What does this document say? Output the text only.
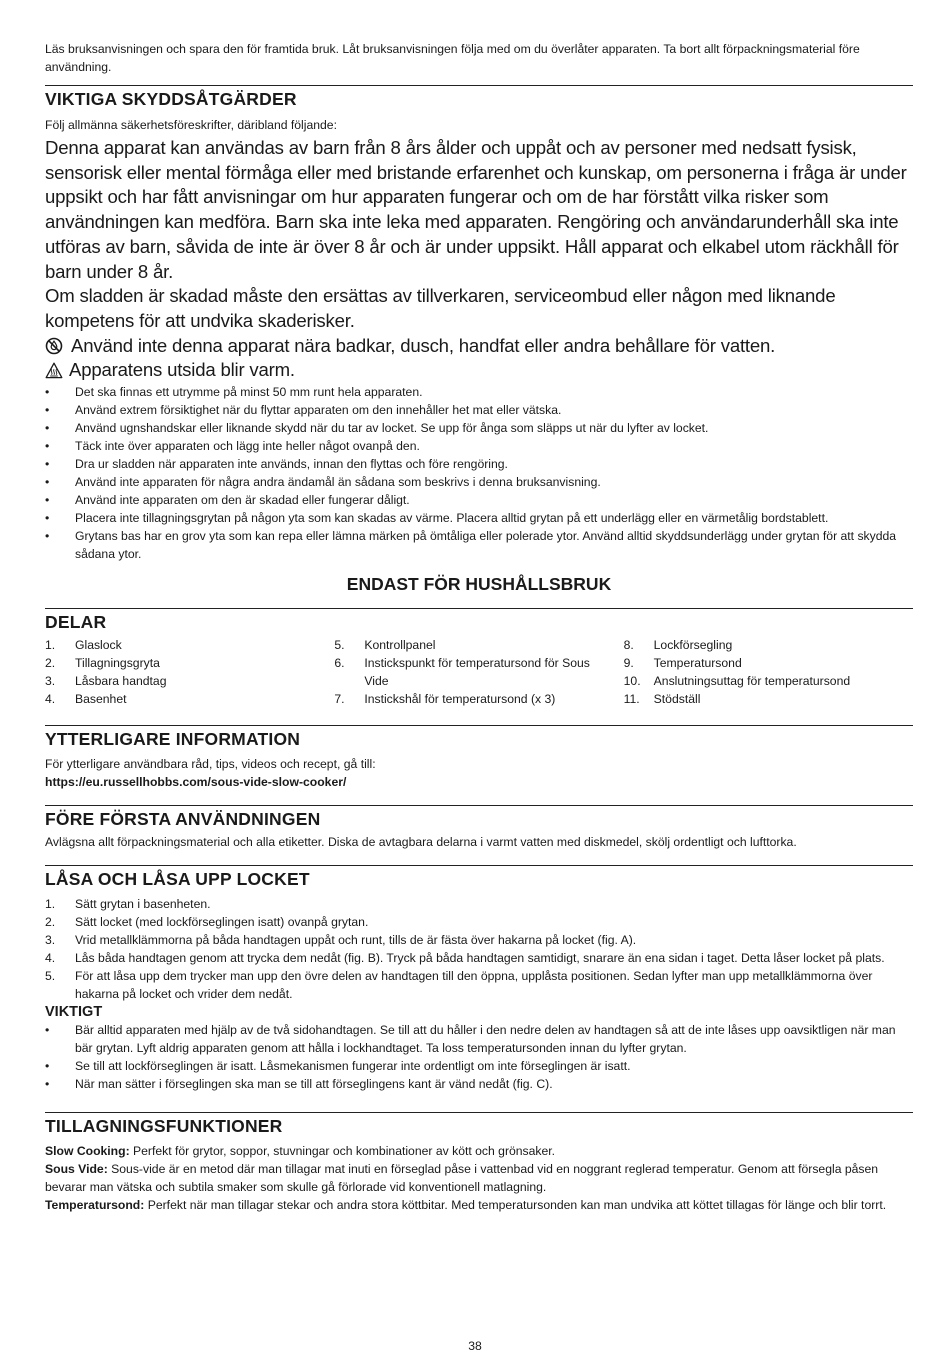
Läs bruksanvisningen och spara den för framtida bruk. Låt bruksanvisningen följa med om du överlåter apparaten. Ta bort allt förpackningsmaterial före användning.

VIKTIGA SKYDDSÅTGÄRDER

Följ allmänna säkerhetsföreskrifter, däribland följande:

Denna apparat kan användas av barn från 8 års ålder och uppåt och av personer med nedsatt fysisk, sensorisk eller mental förmåga eller med bristande erfarenhet och kunskap, om personerna i fråga är under uppsikt och har fått anvisningar om hur apparaten fungerar och om de har förstått vilka risker som användningen kan medföra. Barn ska inte leka med apparaten. Rengöring och användarunderhåll ska inte utföras av barn, såvida de inte är över 8 år och är under uppsikt. Håll apparat och elkabel utom räckhåll för barn under 8 år.

Om sladden är skadad måste den ersättas av tillverkaren, serviceombud eller någon med liknande kompetens för att undvika skaderisker.

Använd inte denna apparat nära badkar, dusch, handfat eller andra behållare för vatten.
Apparatens utsida blir varm.
• Det ska finnas ett utrymme på minst 50 mm runt hela apparaten.
• Använd extrem försiktighet när du flyttar apparaten om den innehåller het mat eller vätska.
• Använd ugnshandskar eller liknande skydd när du tar av locket. Se upp för ånga som släpps ut när du lyfter av locket.
• Täck inte över apparaten och lägg inte heller något ovanpå den.
• Dra ur sladden när apparaten inte används, innan den flyttas och före rengöring.
• Använd inte apparaten för några andra ändamål än sådana som beskrivs i denna bruksanvisning.
• Använd inte apparaten om den är skadad eller fungerar dåligt.
• Placera inte tillagningsgrytan på någon yta som kan skadas av värme. Placera alltid grytan på ett underlägg eller en värmetålig bordstablett.
• Grytans bas har en grov yta som kan repa eller lämna märken på ömtåliga eller polerade ytor. Använd alltid skyddsunderlägg under grytan för att skydda sådana ytor.
ENDAST FÖR HUSHÅLLSBRUK
DELAR
1.	Glaslock
2.	Tillagningsgryta
3.	Låsbara handtag
4.	Basenhet
5.	Kontrollpanel
6.	Instickspunkt för temperatursond för Sous Vide
7.	Instickshål för temperatursond (x 3)
8.	Lockförsegling
9.	Temperatursond
10.	Anslutningsuttag för temperatursond
11.	Stödställ
YTTERLIGARE INFORMATION

För ytterligare användbara råd, tips, videos och recept, gå till:

https://eu.russellhobbs.com/sous-vide-slow-cooker/

FÖRE FÖRSTA ANVÄNDNINGEN

Avlägsna allt förpackningsmaterial och alla etiketter. Diska de avtagbara delarna i varmt vatten med diskmedel, skölj ordentligt och lufttorka.

LÅSA OCH LÅSA UPP LOCKET
1.	Sätt grytan i basenheten.
2.	Sätt locket (med lockförseglingen isatt) ovanpå grytan.
3.	Vrid metallklämmorna på båda handtagen uppåt och runt, tills de är fästa över hakarna på locket (fig. A).
4.	Lås båda handtagen genom att trycka dem nedåt (fig. B). Tryck på båda handtagen samtidigt, snarare än ena sidan i taget. Detta låser locket på plats.
5.	För att låsa upp dem trycker man upp den övre delen av handtagen till den öppna, upplåsta positionen. Sedan lyfter man upp metallklämmorna över hakarna på locket och vrider dem nedåt.
VIKTIGT
• Bär alltid apparaten med hjälp av de två sidohandtagen. Se till att du håller i den nedre delen av handtagen så att de inte låses upp oavsiktligen när man bär grytan. Lyft aldrig apparaten genom att hålla i lockhandtaget. Ta loss temperatursonden innan du lyfter grytan.
• Se till att lockförseglingen är isatt. Låsmekanismen fungerar inte ordentligt om inte förseglingen är isatt.
• När man sätter i förseglingen ska man se till att förseglingens kant är vänd nedåt (fig. C).
TILLAGNINGSFUNKTIONER

Slow Cooking: Perfekt för grytor, soppor, stuvningar och kombinationer av kött och grönsaker.

Sous Vide: Sous-vide är en metod där man tillagar mat inuti en förseglad påse i vattenbad vid en noggrant reglerad temperatur. Genom att försegla påsen bevarar man vätska och subtila smaker som skulle gå förlorade vid konventionell matlagning.

Temperatursond: Perfekt när man tillagar stekar och andra stora köttbitar. Med temperatursonden kan man undvika att köttet tillagas för länge och blir torrt.

38
